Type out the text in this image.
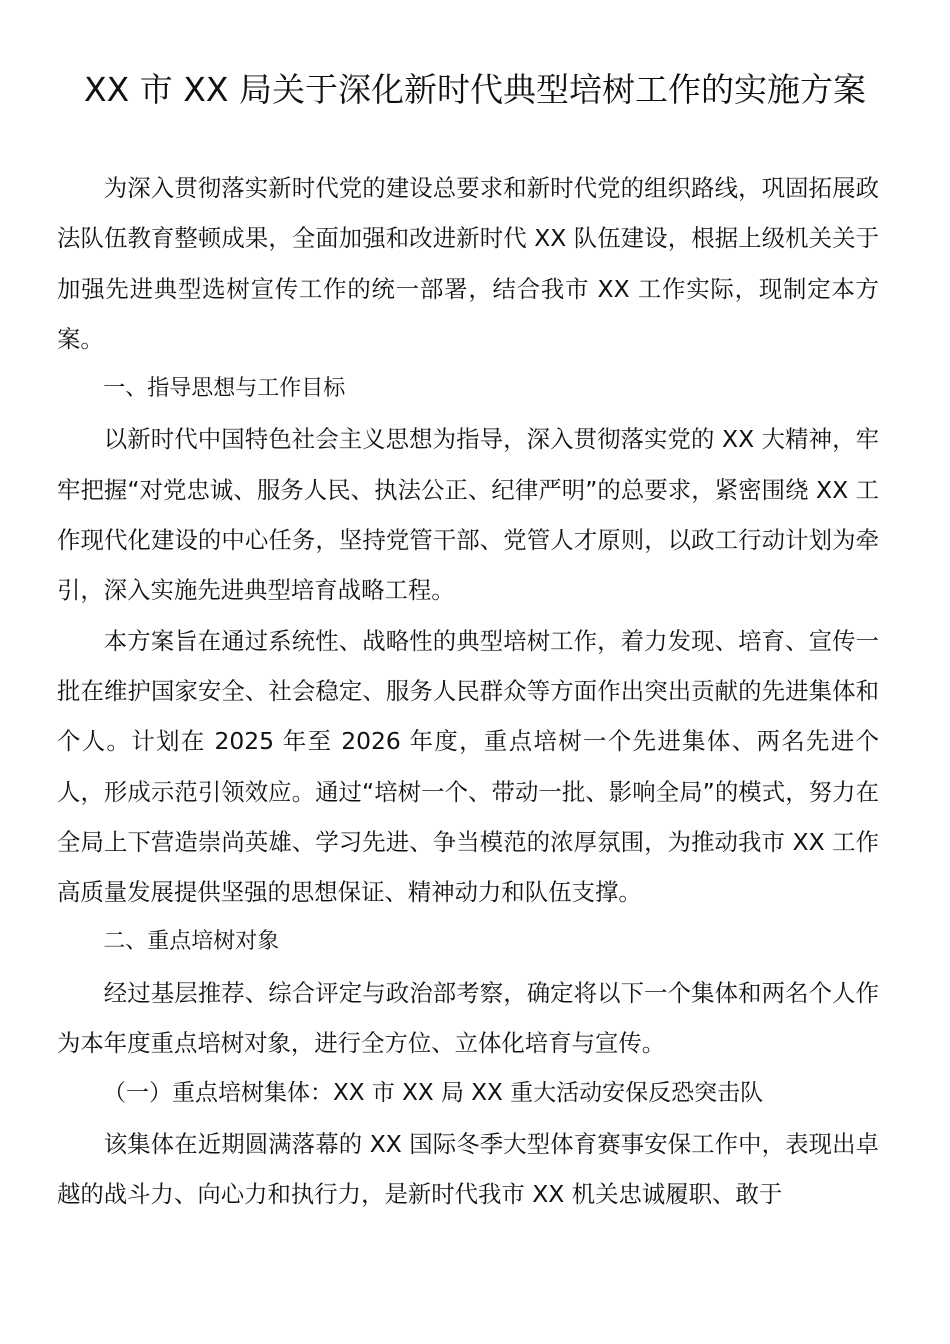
XX 市 XX 局关于深化新时代典型培树工作的实施方案

为深入贯彻落实新时代党的建设总要求和新时代党的组织路线，巩固拓展政法队伍教育整顿成果，全面加强和改进新时代 XX 队伍建设，根据上级机关关于加强先进典型选树宣传工作的统一部署，结合我市 XX 工作实际，现制定本方案。

一、指导思想与工作目标

以新时代中国特色社会主义思想为指导，深入贯彻落实党的 XX 大精神，牢牢把握“对党忠诚、服务人民、执法公正、纪律严明”的总要求，紧密围绕 XX 工作现代化建设的中心任务，坚持党管干部、党管人才原则，以政工行动计划为牵引，深入实施先进典型培育战略工程。

本方案旨在通过系统性、战略性的典型培树工作，着力发现、培育、宣传一批在维护国家安全、社会稳定、服务人民群众等方面作出突出贡献的先进集体和个人。计划在 2025 年至 2026 年度，重点培树一个先进集体、两名先进个人，形成示范引领效应。通过“培树一个、带动一批、影响全局”的模式，努力在全局上下营造崇尚英雄、学习先进、争当模范的浓厚氛围，为推动我市 XX 工作高质量发展提供坚强的思想保证、精神动力和队伍支撑。

二、重点培树对象

经过基层推荐、综合评定与政治部考察，确定将以下一个集体和两名个人作为本年度重点培树对象，进行全方位、立体化培育与宣传。

（一）重点培树集体：XX 市 XX 局 XX 重大活动安保反恐突击队

该集体在近期圆满落幕的 XX 国际冬季大型体育赛事安保工作中，表现出卓越的战斗力、向心力和执行力，是新时代我市 XX 机关忠诚履职、敢于
